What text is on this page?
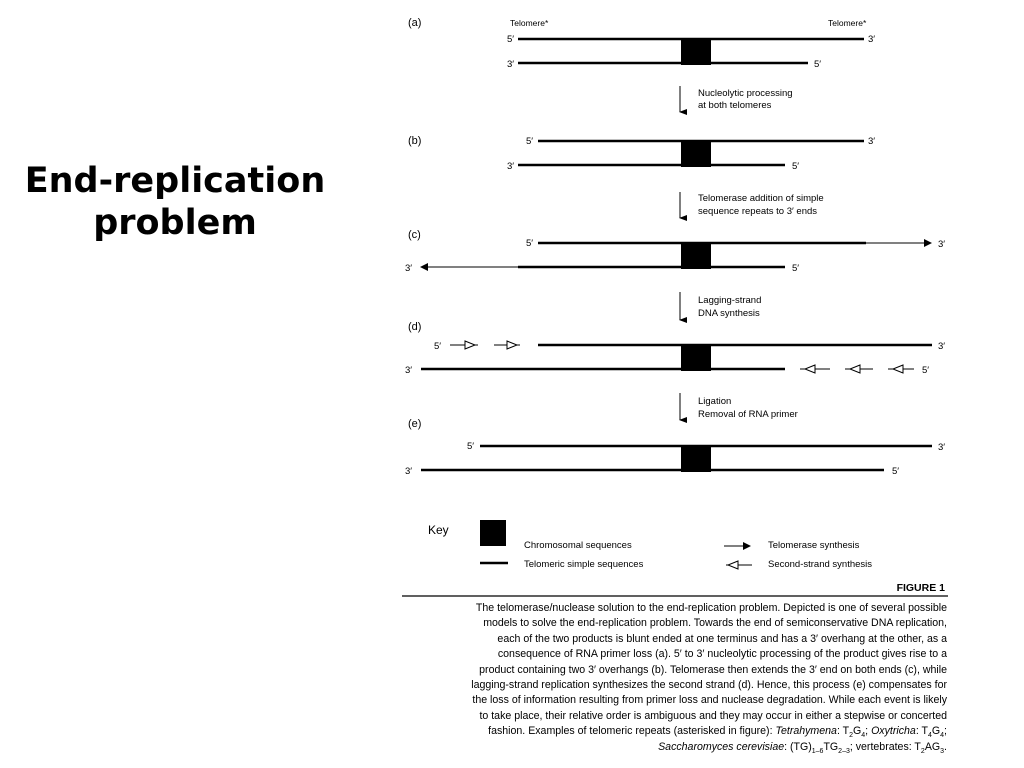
End-replication
problem
(a)	Telomere*	Telomere*
5′	3′
3′	5′
Nucleolytic processing
at both telomeres
(b)	5′	3′
3′	5′
Telomerase addition of simple
sequence repeats to 3′ ends
(c)
5′	3′
3′	5′
Lagging-strand
DNA synthesis
(d)
5′	3′
3′	5′
Ligation
Removal of RNA primer
(e)
5′	3′
3′	5′
Key
Chromosomal sequences
Telomeric simple sequences
Telomerase synthesis
Second-strand synthesis
FIGURE 1
The telomerase/nuclease solution to the end-replication problem. Depicted is one of several possible
models to solve the end-replication problem. Towards the end of semiconservative DNA replication,
each of the two products is blunt ended at one terminus and has a 3′ overhang at the other, as a
consequence of RNA primer loss (a). 5′ to 3′ nucleolytic processing of the product gives rise to a
product containing two 3′ overhangs (b). Telomerase then extends the 3′ end on both ends (c), while
lagging-strand replication synthesizes the second strand (d). Hence, this process (e) compensates for
the loss of information resulting from primer loss and nuclease degradation. While each event is likely
to take place, their relative order is ambiguous and they may occur in either a stepwise or concerted
fashion. Examples of telomeric repeats (asterisked in figure): Tetrahymena: $T_2G_4$; Oxytricha: $T_4G_4$;
Saccharomyces cerevisiae: $(TG)_{1-6}TG_{2-3}$; vertebrates: $T_2AG_3$.
